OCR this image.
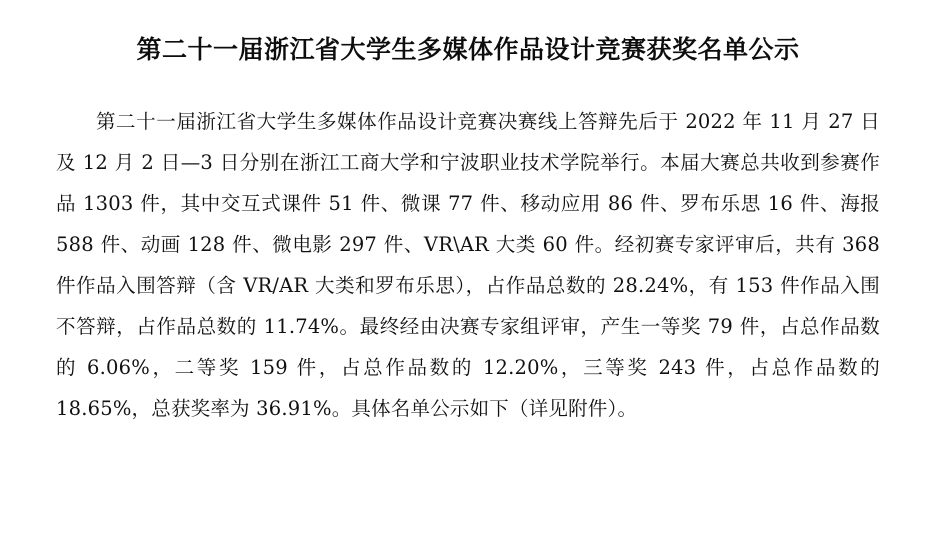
第二十一届浙江省大学生多媒体作品设计竞赛获奖名单公示

第二十一届浙江省大学生多媒体作品设计竞赛决赛线上答辩先后于 2022 年 11 月 27 日及 12 月 2 日—3 日分别在浙江工商大学和宁波职业技术学院举行。本届大赛总共收到参赛作品 1303 件，其中交互式课件 51 件、微课 77 件、移动应用 86 件、罗布乐思 16 件、海报 588 件、动画 128 件、微电影 297 件、VR\AR 大类 60 件。经初赛专家评审后，共有 368 件作品入围答辩（含 VR/AR 大类和罗布乐思），占作品总数的 28.24%，有 153 件作品入围不答辩，占作品总数的 11.74%。最终经由决赛专家组评审，产生一等奖 79 件，占总作品数的 6.06%，二等奖 159 件，占总作品数的 12.20%，三等奖 243 件，占总作品数的 18.65%，总获奖率为 36.91%。具体名单公示如下（详见附件）。
